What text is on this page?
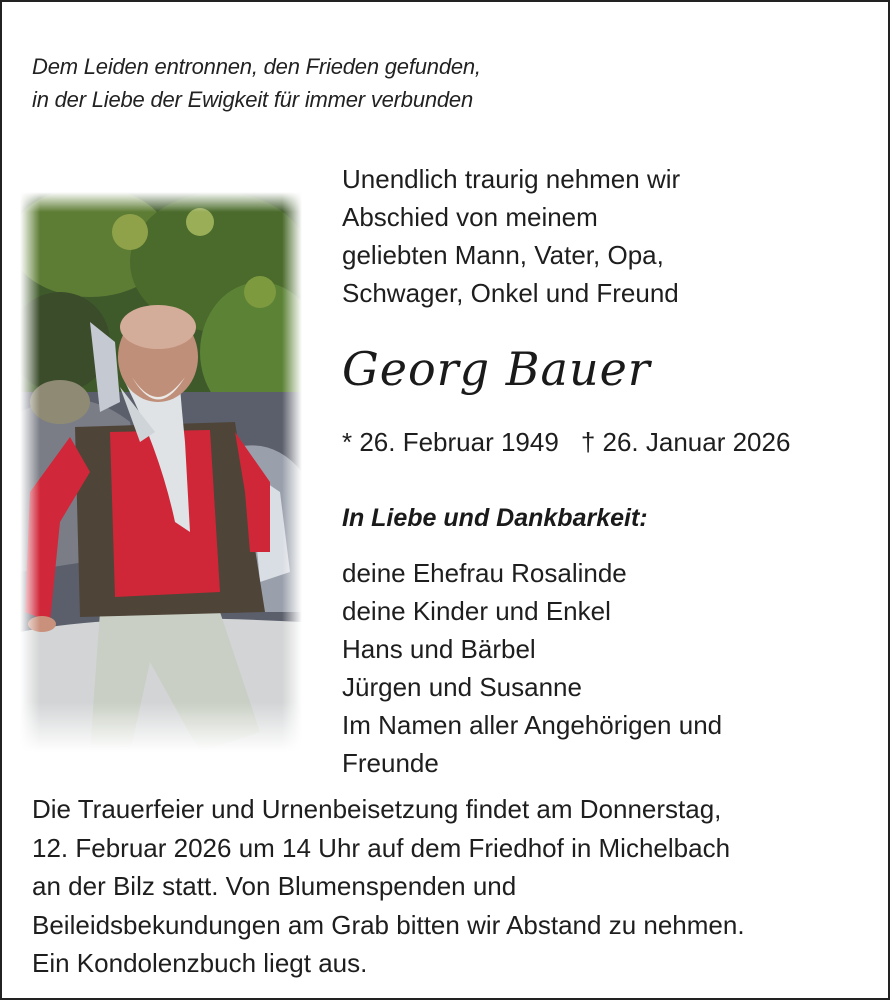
Dem Leiden entronnen, den Frieden gefunden,
in der Liebe der Ewigkeit für immer verbunden
Unendlich traurig nehmen wir
Abschied von meinem
geliebten Mann, Vater, Opa,
Schwager, Onkel und Freund
Georg Bauer
* 26. Februar 1949 † 26. Januar 2026
In Liebe und Dankbarkeit:
deine Ehefrau Rosalinde
deine Kinder und Enkel
Hans und Bärbel
Jürgen und Susanne
Im Namen aller Angehörigen und
Freunde
Die Trauerfeier und Urnenbeisetzung findet am Donnerstag,
12. Februar 2026 um 14 Uhr auf dem Friedhof in Michelbach
an der Bilz statt. Von Blumenspenden und
Beileidsbekundungen am Grab bitten wir Abstand zu nehmen.
Ein Kondolenzbuch liegt aus.
